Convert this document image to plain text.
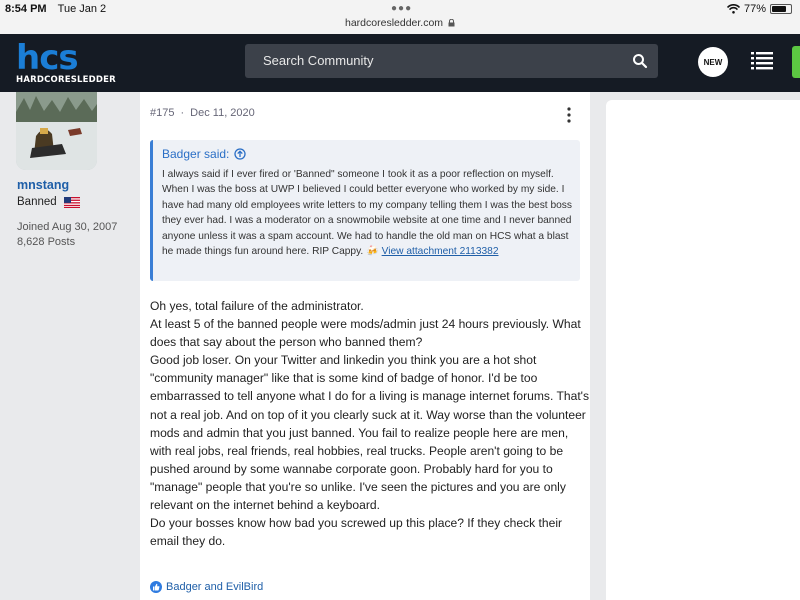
8:54 PM Tue Jan 2	●●●
hardcoresledder.com
77%
hcs
HARDCORESLEDDER
Search Community	NEW
mnstang
Banned
Joined Aug 30, 2007
8,628 Posts
#175 · Dec 11, 2020
Badger said:
I always said if I ever fired or 'Banned" someone I took it as a poor reflection on myself. When I was the boss at UWP I believed I could better everyone who worked by my side. I have had many old employees write letters to my company telling them I was the best boss they ever had. I was a moderator on a snowmobile website at one time and I never banned anyone unless it was a spam account. We had to handle the old man on HCS what a blast he made things fun around here. RIP Cappy. 🍻 View attachment 2113382

Oh yes, total failure of the administrator.

At least 5 of the banned people were mods/admin just 24 hours previously. What does that say about the person who banned them?

Good job loser. On your Twitter and linkedin you think you are a hot shot "community manager" like that is some kind of badge of honor. I'd be too embarrassed to tell anyone what I do for a living is manage internet forums. That's not a real job. And on top of it you clearly suck at it. Way worse than the volunteer mods and admin that you just banned. You fail to realize people here are men, with real jobs, real friends, real hobbies, real trucks. People aren't going to be pushed around by some wannabe corporate goon. Probably hard for you to "manage" people that you're so unlike. I've seen the pictures and you are only relevant on the internet behind a keyboard.

Do your bosses know how bad you screwed up this place? If they check their email they do.

Badger and EvilBird
